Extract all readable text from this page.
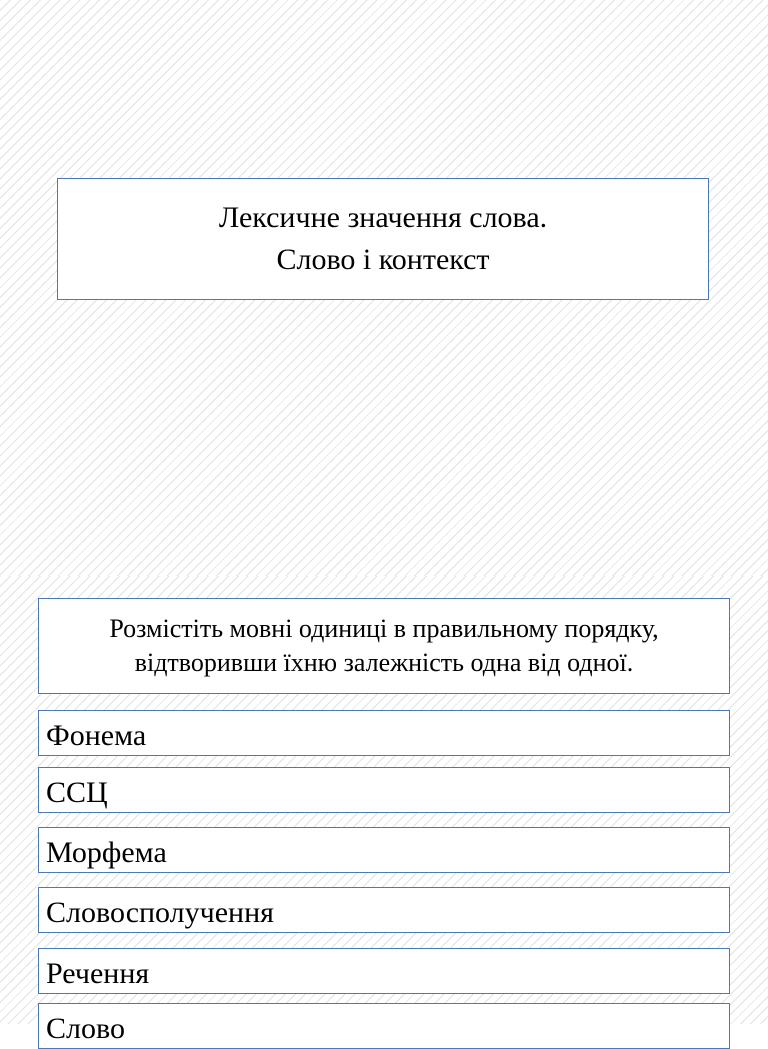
Лексичне значення слова.
Слово і контекст
Розмістіть мовні одиниці в правильному порядку, відтворивши їхню залежність одна від одної.
Фонема
ССЦ
Морфема
Словосполучення
Речення
Слово
